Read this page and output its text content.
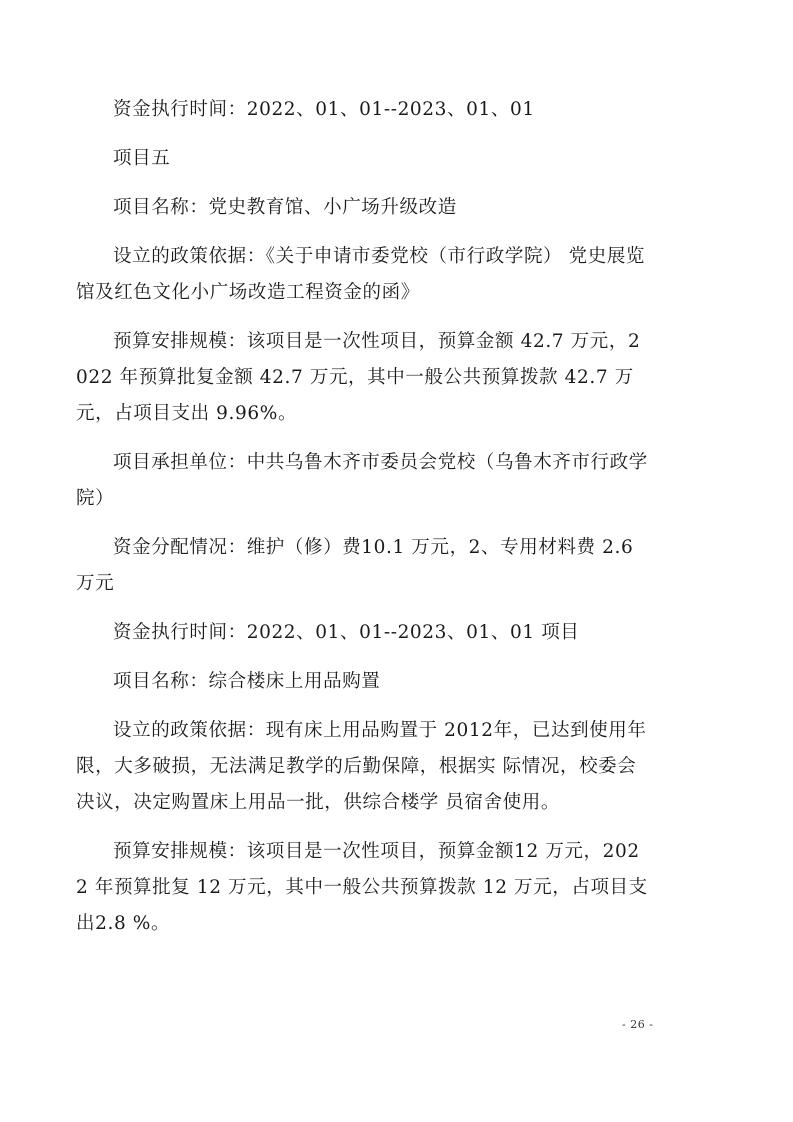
资金执行时间：2022、01、01--2023、01、01

项目五

项目名称：党史教育馆、小广场升级改造

设立的政策依据：《关于申请市委党校（市行政学院） 党史展览馆及红色文化小广场改造工程资金的函》

预算安排规模：该项目是一次性项目，预算金额 42.7 万元，2022 年预算批复金额 42.7 万元，其中一般公共预算拨款 42.7 万元，占项目支出 9.96%。

项目承担单位：中共乌鲁木齐市委员会党校（乌鲁木齐市行政学院）

资金分配情况：维护（修）费10.1 万元，2、专用材料费 2.6 万元

资金执行时间：2022、01、01--2023、01、01 项目

项目名称：综合楼床上用品购置

设立的政策依据：现有床上用品购置于 2012年，已达到使用年限，大多破损，无法满足教学的后勤保障，根据实 际情况，校委会决议，决定购置床上用品一批，供综合楼学 员宿舍使用。

预算安排规模：该项目是一次性项目，预算金额12 万元，2022 年预算批复 12 万元，其中一般公共预算拨款 12 万元，占项目支出2.8 %。

- 26 -
